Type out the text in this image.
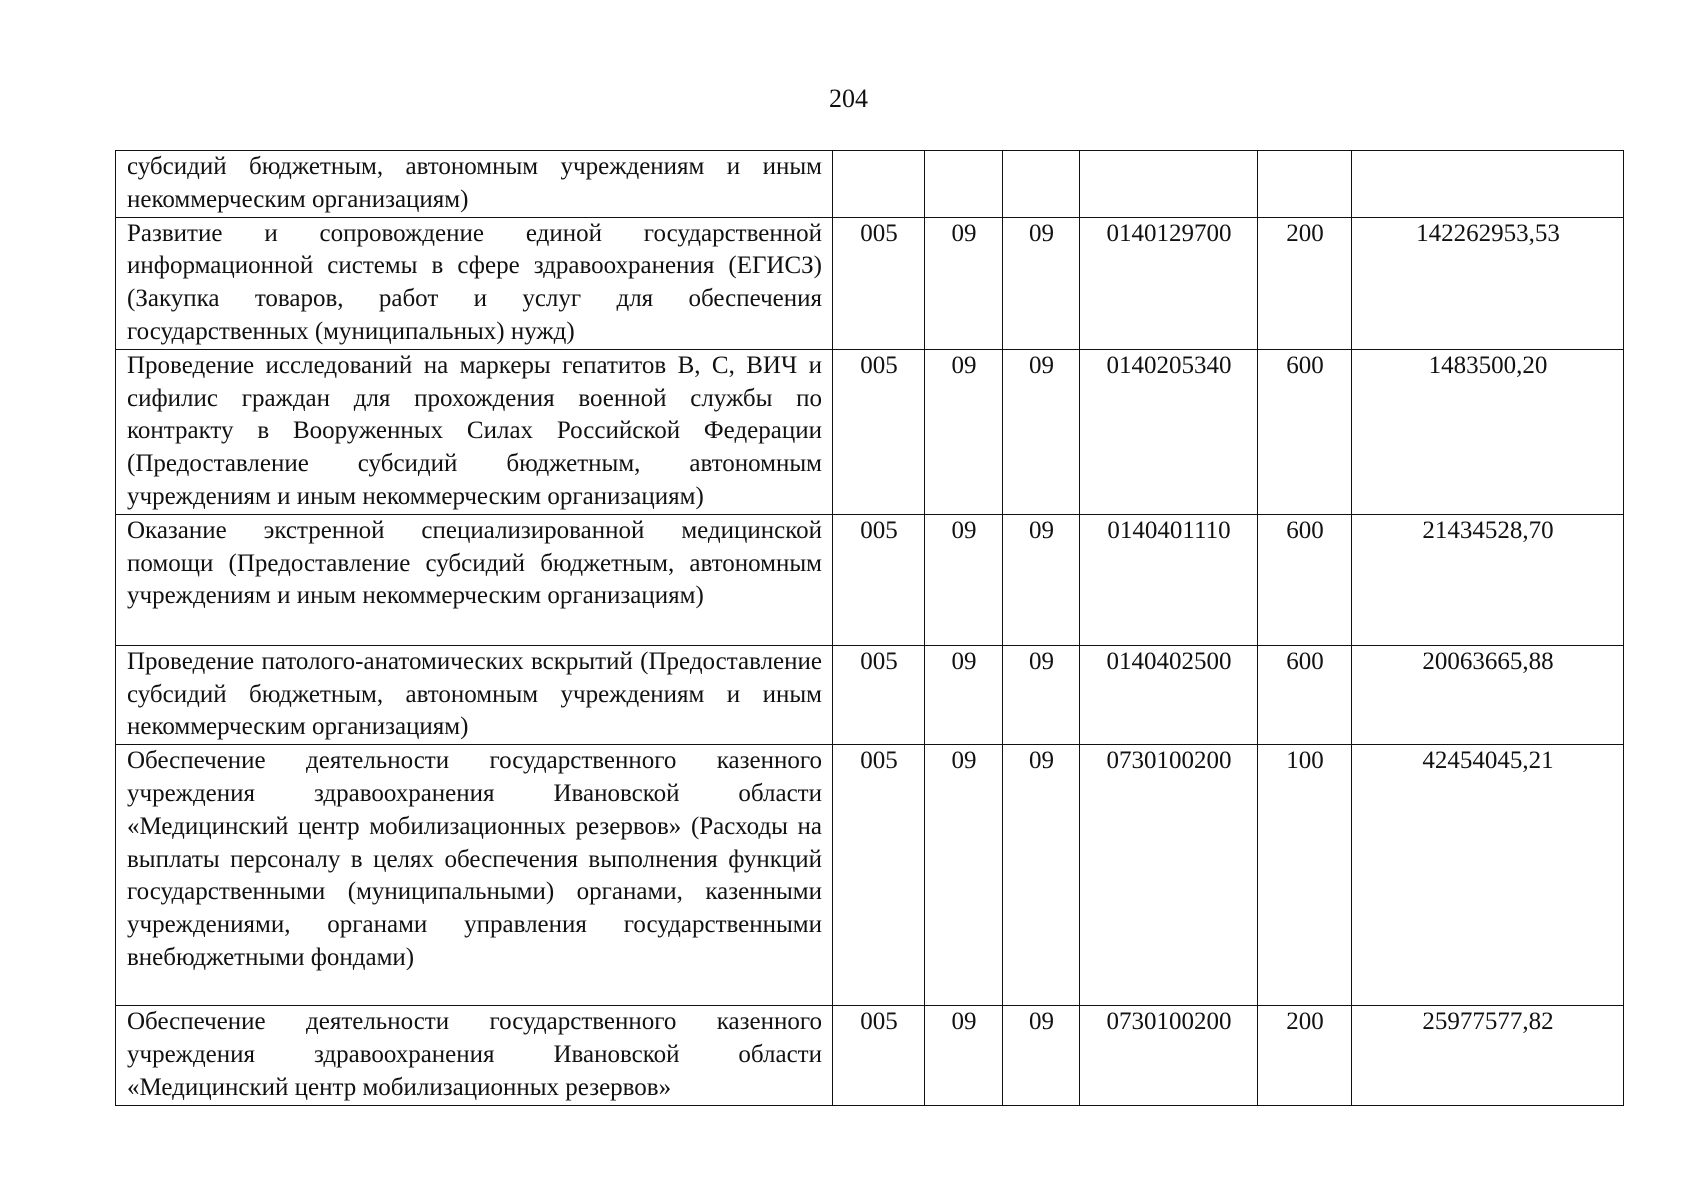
204
субсидий бюджетным, автономным учреждениям и иным некоммерческим организациям)						
Развитие и сопровождение единой государственной информационной системы в сфере здравоохранения (ЕГИСЗ) (Закупка товаров, работ и услуг для обеспечения государственных (муниципальных) нужд)	005	09	09	0140129700	200	142262953,53
Проведение исследований на маркеры гепатитов В, С, ВИЧ и сифилис граждан для прохождения военной службы по контракту в Вооруженных Силах Российской Федерации (Предоставление субсидий бюджетным, автономным учреждениям и иным некоммерческим организациям)	005	09	09	0140205340	600	1483500,20
Оказание экстренной специализированной медицинской помощи (Предоставление субсидий бюджетным, автономным учреждениям и иным некоммерческим организациям)	005	09	09	0140401110	600	21434528,70
Проведение патолого-анатомических вскрытий (Предоставление субсидий бюджетным, автономным учреждениям и иным некоммерческим организациям)	005	09	09	0140402500	600	20063665,88
Обеспечение деятельности государственного казенного учреждения здравоохранения Ивановской области «Медицинский центр мобилизационных резервов» (Расходы на выплаты персоналу в целях обеспечения выполнения функций государственными (муниципальными) органами, казенными учреждениями, органами управления государственными внебюджетными фондами)	005	09	09	0730100200	100	42454045,21
Обеспечение деятельности государственного казенного учреждения здравоохранения Ивановской области «Медицинский центр мобилизационных резервов»	005	09	09	0730100200	200	25977577,82
